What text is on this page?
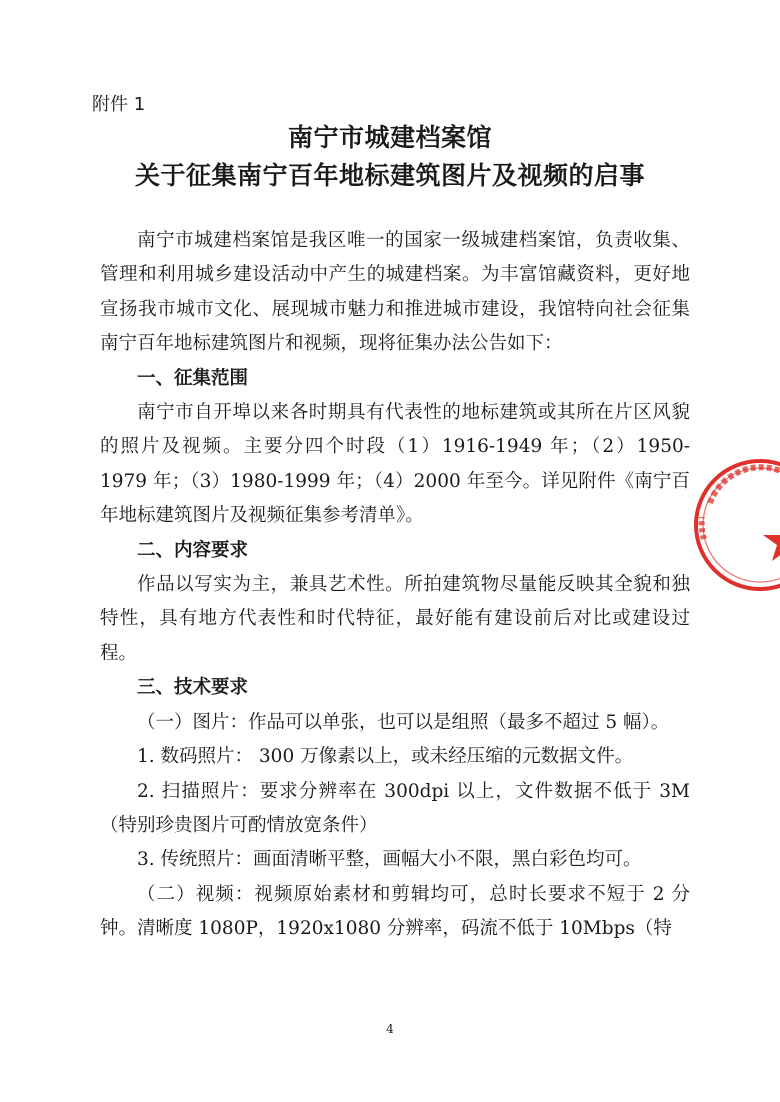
附件 1
南宁市城建档案馆
关于征集南宁百年地标建筑图片及视频的启事

南宁市城建档案馆是我区唯一的国家一级城建档案馆，负责收集、管理和利用城乡建设活动中产生的城建档案。为丰富馆藏资料，更好地宣扬我市城市文化、展现城市魅力和推进城市建设，我馆特向社会征集南宁百年地标建筑图片和视频，现将征集办法公告如下：

一、征集范围

南宁市自开埠以来各时期具有代表性的地标建筑或其所在片区风貌的照片及视频。主要分四个时段（1）1916-1949 年；（2）1950-1979 年；（3）1980-1999 年；（4）2000 年至今。详见附件《南宁百年地标建筑图片及视频征集参考清单》。

二、内容要求

作品以写实为主，兼具艺术性。所拍建筑物尽量能反映其全貌和独特性，具有地方代表性和时代特征，最好能有建设前后对比或建设过程。

三、技术要求

（一）图片：作品可以单张，也可以是组照（最多不超过 5 幅）。

1. 数码照片： 300 万像素以上，或未经压缩的元数据文件。

2. 扫描照片：要求分辨率在 300dpi 以上，文件数据不低于 3M（特别珍贵图片可酌情放宽条件）

3. 传统照片：画面清晰平整，画幅大小不限，黑白彩色均可。

（二）视频：视频原始素材和剪辑均可，总时长要求不短于 2 分钟。清晰度 1080P，1920x1080 分辨率，码流不低于 10Mbps（特

4
